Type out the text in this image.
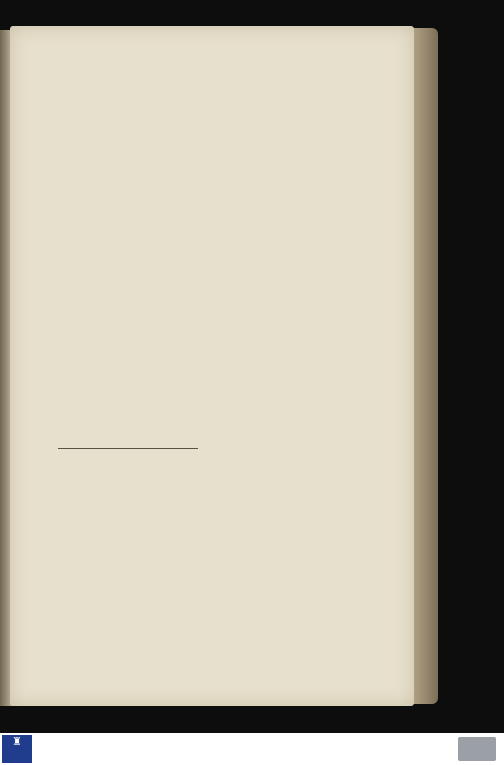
♜
